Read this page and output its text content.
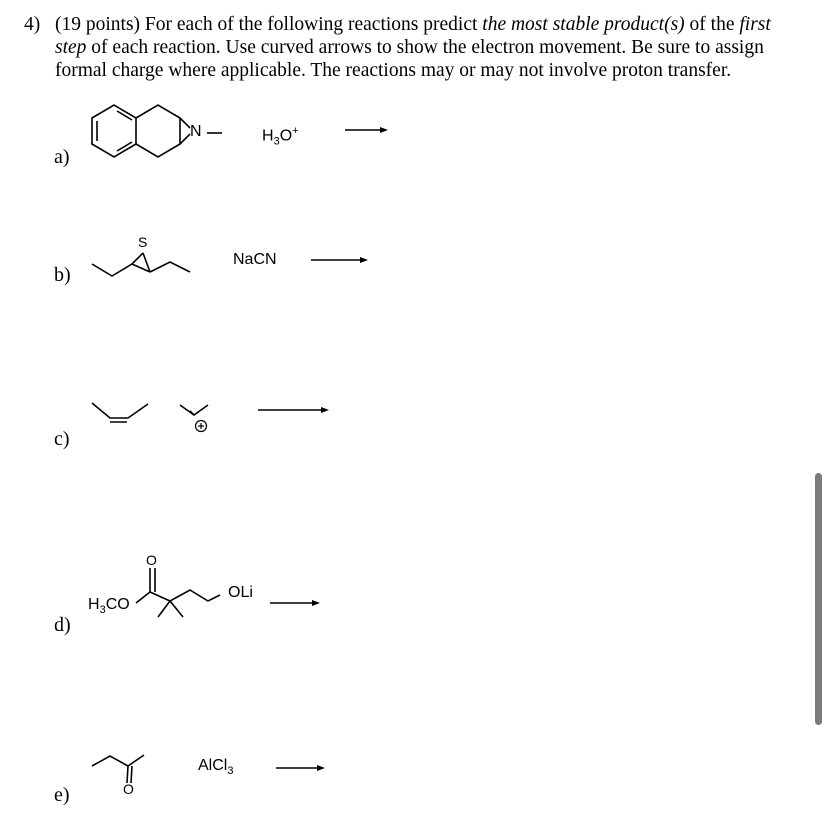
4) (19 points) For each of the following reactions predict the most stable product(s) of the first step of each reaction. Use curved arrows to show the electron movement. Be sure to assign formal charge where applicable. The reactions may or may not involve proton transfer.
a)
N	$H_3O^+$
b)
S
NaCN
c)
d)
$H_3CO$
O
OLi
e)	O
AlCl$_3$
